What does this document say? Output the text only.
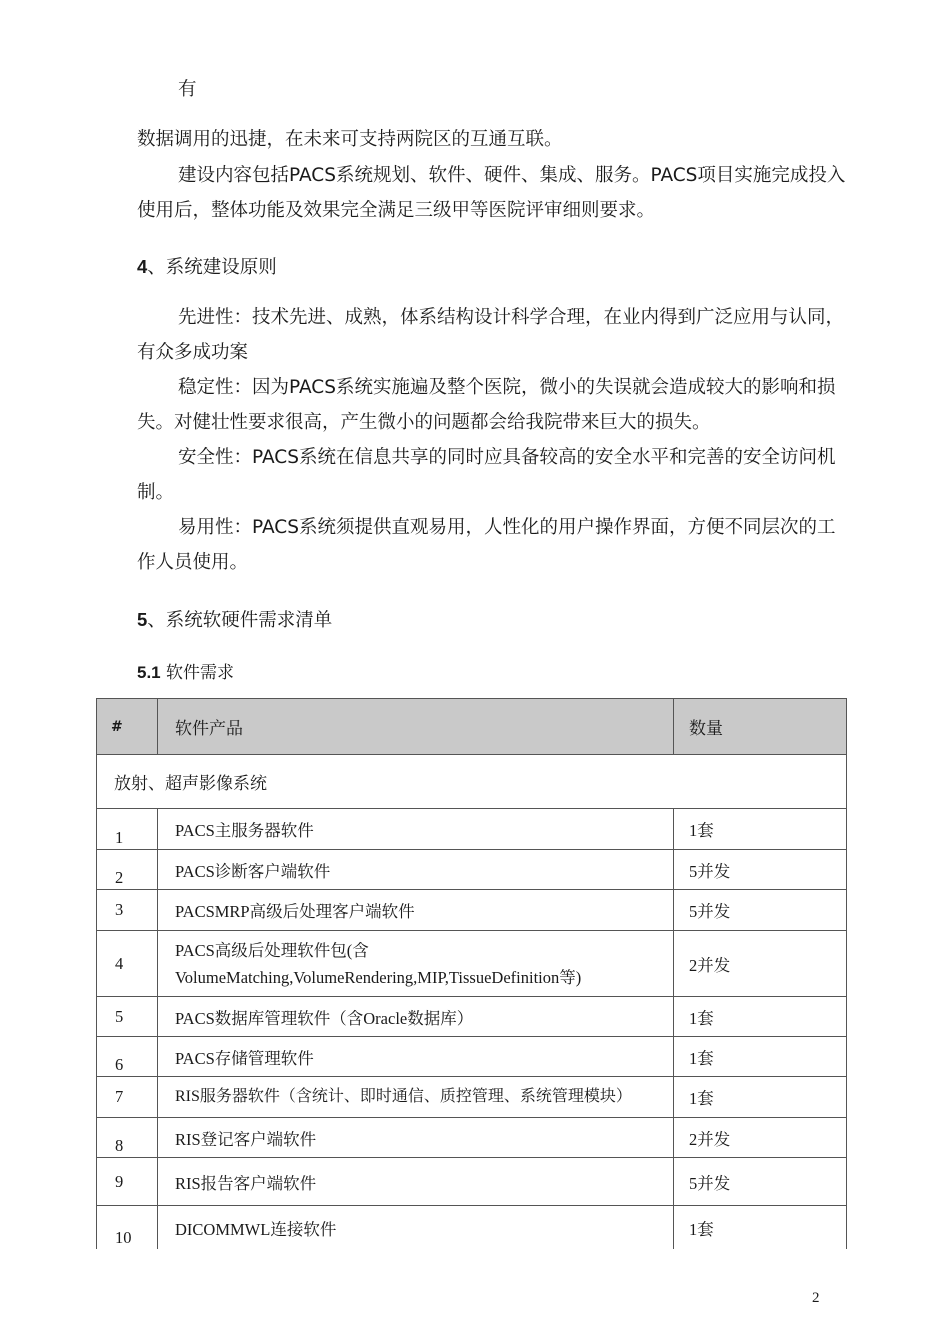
有

数据调用的迅捷，在未来可支持两院区的互通互联。

建设内容包括PACS系统规划、软件、硬件、集成、服务。PACS项目实施完成投入使用后，整体功能及效果完全满足三级甲等医院评审细则要求。

4、系统建设原则

先进性：技术先进、成熟，体系结构设计科学合理，在业内得到广泛应用与认同，有众多成功案

稳定性：因为PACS系统实施遍及整个医院，微小的失误就会造成较大的影响和损失。对健壮性要求很高，产生微小的问题都会给我院带来巨大的损失。

安全性：PACS系统在信息共享的同时应具备较高的安全水平和完善的安全访问机制。

易用性：PACS系统须提供直观易用，人性化的用户操作界面，方便不同层次的工作人员使用。

5、系统软硬件需求清单
5.1 软件需求
#	软件产品	数量
放射、超声影像系统		
1	PACS主服务器软件	1套
2	PACS诊断客户端软件	5并发
3	PACSMRP高级后处理客户端软件	5并发
4	PACS高级后处理软件包(含VolumeMatching,VolumeRendering,MIP,TissueDefinition等)	2并发
5	PACS数据库管理软件（含Oracle数据库）	1套
6	PACS存储管理软件	1套
7	RIS服务器软件（含统计、即时通信、质控管理、系统管理模块）	1套
8	RIS登记客户端软件	2并发
9	RIS报告客户端软件	5并发
10	DICOMMWL连接软件	1套
2
